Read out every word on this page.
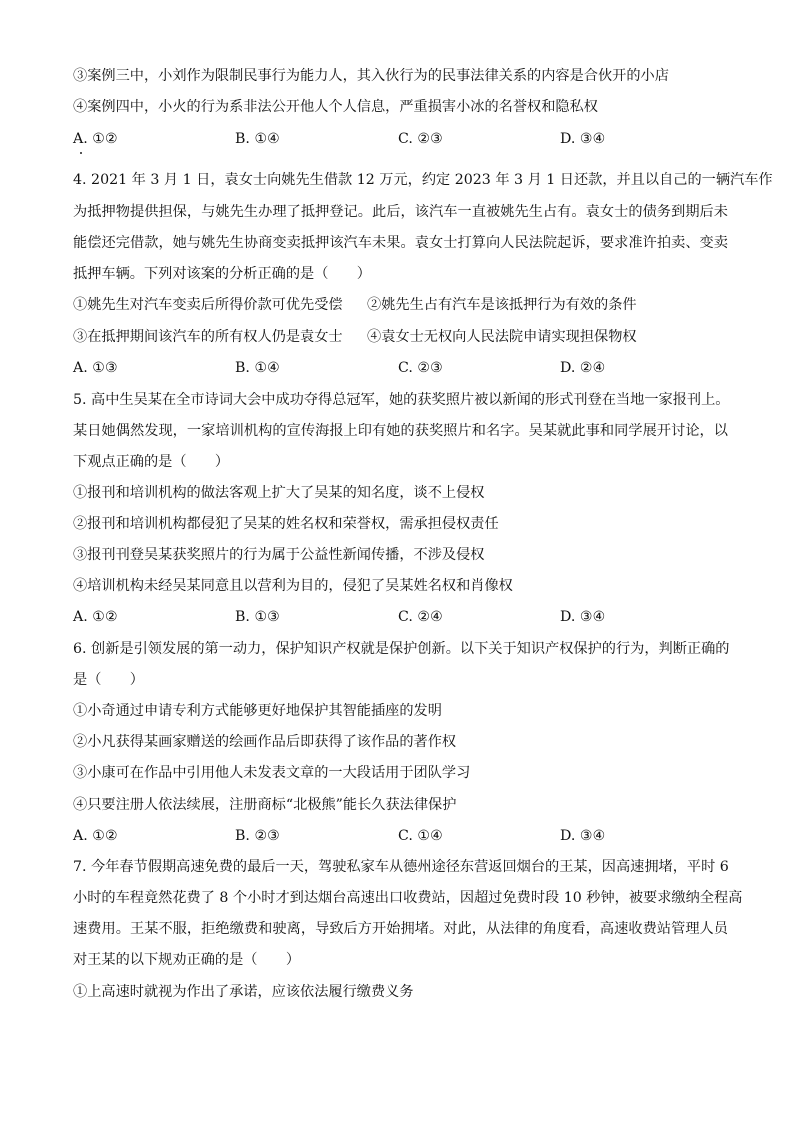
③案例三中，小刘作为限制民事行为能力人，其入伙行为的民事法律关系的内容是合伙开的小店
④案例四中，小火的行为系非法公开他人个人信息，严重损害小冰的名誉权和隐私权
A. ①②	B. ①④	C. ②③	D. ③④
4. 2021 年 3 月 1 日，袁女士向姚先生借款 12 万元，约定 2023 年 3 月 1 日还款，并且以自己的一辆汽车作
为抵押物提供担保，与姚先生办理了抵押登记。此后，该汽车一直被姚先生占有。袁女士的债务到期后未
能偿还完借款，她与姚先生协商变卖抵押该汽车未果。袁女士打算向人民法院起诉，要求准许拍卖、变卖
抵押车辆。下列对该案的分析正确的是（　　）
①姚先生对汽车变卖后所得价款可优先受偿	②姚先生占有汽车是该抵押行为有效的条件
③在抵押期间该汽车的所有权人仍是袁女士	④袁女士无权向人民法院申请实现担保物权
A. ①③	B. ①④	C. ②③	D. ②④
5. 高中生吴某在全市诗词大会中成功夺得总冠军，她的获奖照片被以新闻的形式刊登在当地一家报刊上。
某日她偶然发现，一家培训机构的宣传海报上印有她的获奖照片和名字。吴某就此事和同学展开讨论，以
下观点正确的是（　　）
①报刊和培训机构的做法客观上扩大了吴某的知名度，谈不上侵权
②报刊和培训机构都侵犯了吴某的姓名权和荣誉权，需承担侵权责任
③报刊刊登吴某获奖照片的行为属于公益性新闻传播，不涉及侵权
④培训机构未经吴某同意且以营利为目的，侵犯了吴某姓名权和肖像权
A. ①②	B. ①③	C. ②④	D. ③④
6. 创新是引领发展的第一动力，保护知识产权就是保护创新。以下关于知识产权保护的行为，判断正确的
是（　　）
①小奇通过申请专利方式能够更好地保护其智能插座的发明
②小凡获得某画家赠送的绘画作品后即获得了该作品的著作权
③小康可在作品中引用他人未发表文章的一大段话用于团队学习
④只要注册人依法续展，注册商标“北极熊”能长久获法律保护
A. ①②	B. ②③	C. ①④	D. ③④
7. 今年春节假期高速免费的最后一天，驾驶私家车从德州途径东营返回烟台的王某，因高速拥堵，平时 6
小时的车程竟然花费了 8 个小时才到达烟台高速出口收费站，因超过免费时段 10 秒钟，被要求缴纳全程高
速费用。王某不服，拒绝缴费和驶离，导致后方开始拥堵。对此，从法律的角度看，高速收费站管理人员
对王某的以下规劝正确的是（　　）
①上高速时就视为作出了承诺，应该依法履行缴费义务
